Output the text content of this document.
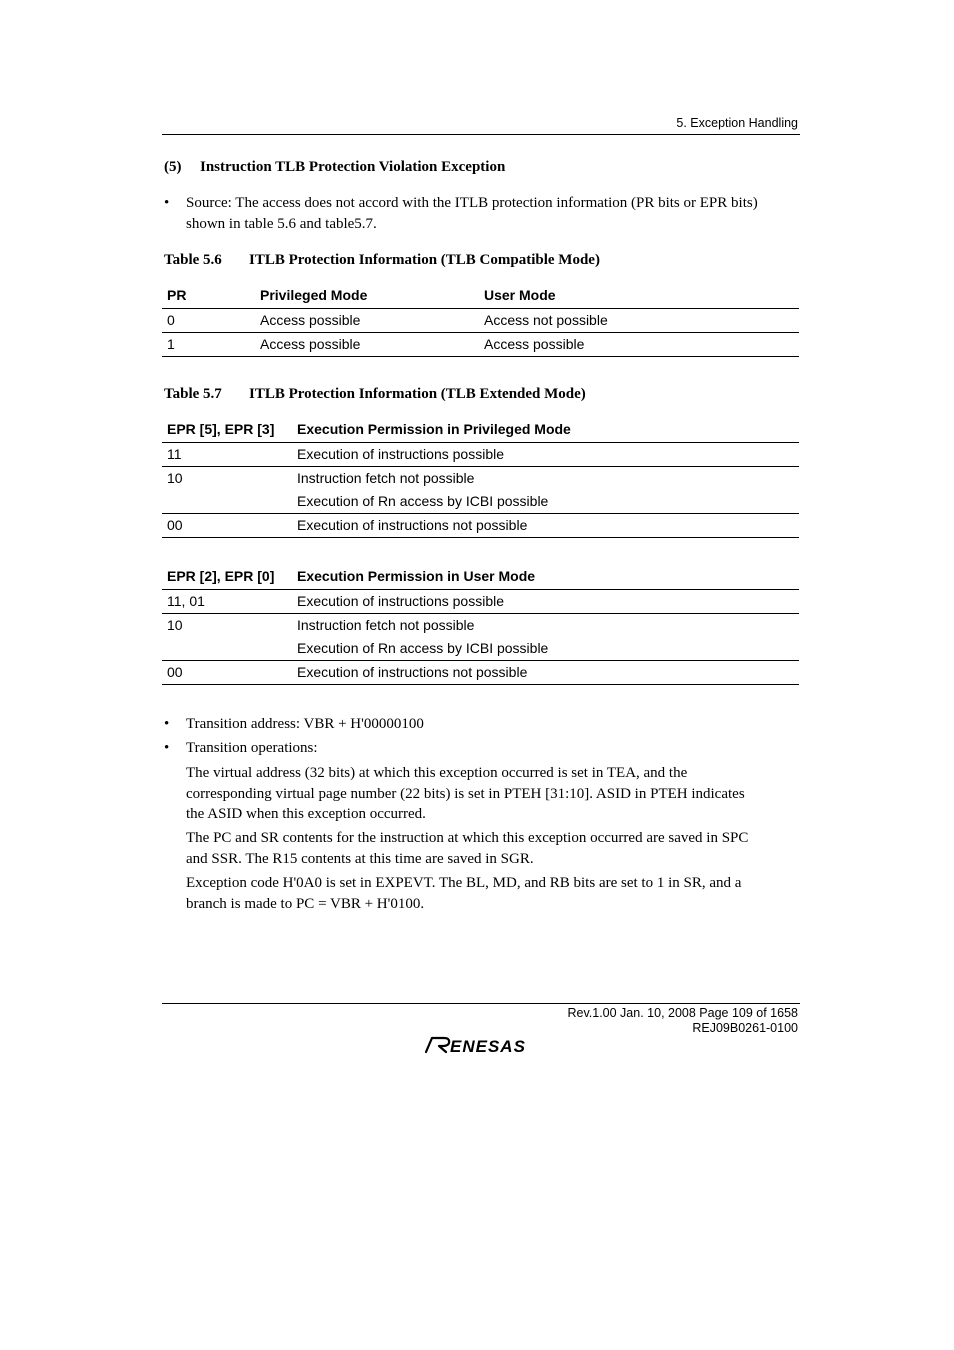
5. Exception Handling
(5) Instruction TLB Protection Violation Exception
• Source: The access does not accord with the ITLB protection information (PR bits or EPR bits)
shown in table 5.6 and table5.7.
Table 5.6 ITLB Protection Information (TLB Compatible Mode)
PR	Privileged Mode	User Mode

0	Access possible	Access not possible

1	Access possible	Access possible
Table 5.7 ITLB Protection Information (TLB Extended Mode)
EPR [5], EPR [3]	Execution Permission in Privileged Mode

11	Execution of instructions possible

10	Instruction fetch not possible
Execution of Rn access by ICBI possible

00	Execution of instructions not possible
EPR [2], EPR [0]	Execution Permission in User Mode

11, 01	Execution of instructions possible

10	Instruction fetch not possible
Execution of Rn access by ICBI possible

00	Execution of instructions not possible
• Transition address: VBR + H'00000100
• Transition operations:
The virtual address (32 bits) at which this exception occurred is set in TEA, and the
corresponding virtual page number (22 bits) is set in PTEH [31:10]. ASID in PTEH indicates
the ASID when this exception occurred.
The PC and SR contents for the instruction at which this exception occurred are saved in SPC
and SSR. The R15 contents at this time are saved in SGR.
Exception code H'0A0 is set in EXPEVT. The BL, MD, and RB bits are set to 1 in SR, and a
branch is made to PC = VBR + H'0100.
Rev.1.00 Jan. 10, 2008 Page 109 of 1658
REJ09B0261-0100
ENESAS
